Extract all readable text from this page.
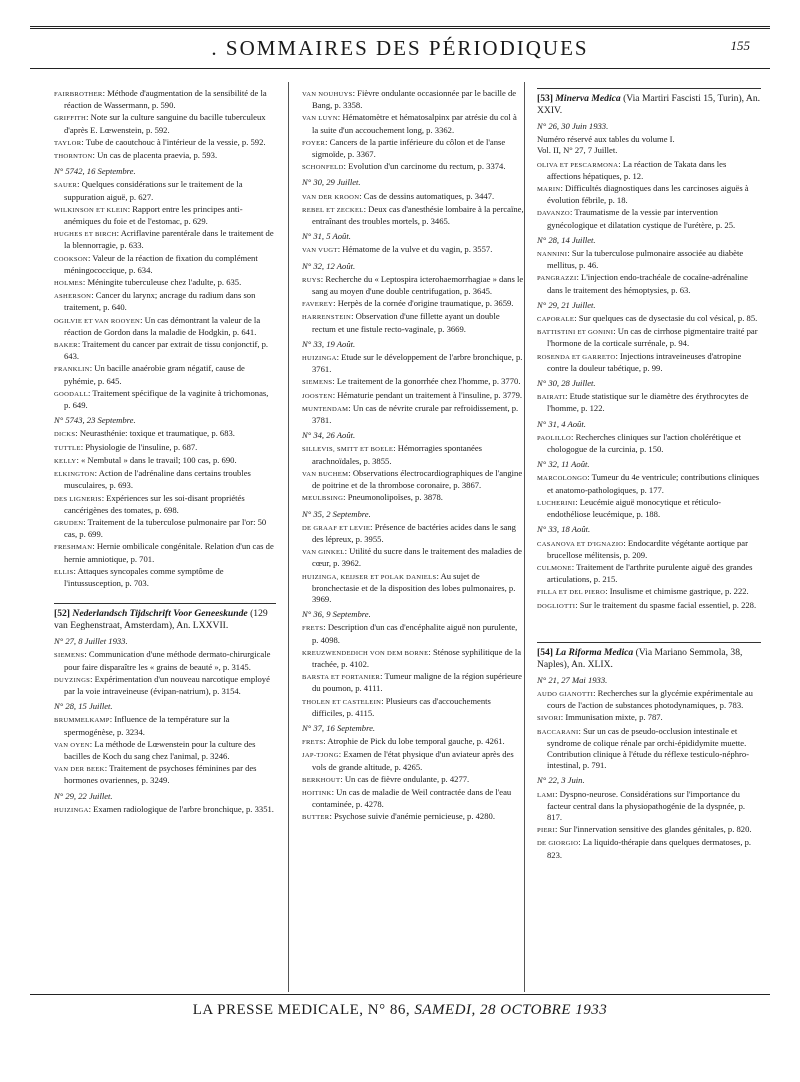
. SOMMAIRES DES PÉRIODIQUES	155

FAIRBROTHER: Méthode d'augmentation de la sensibilité de la réaction de Wassermann, p. 590.

GRIFFITH: Note sur la culture sanguine du bacille tuberculeux d'après E. Lœwenstein, p. 592.

TAYLOR: Tube de caoutchouc à l'intérieur de la vessie, p. 592.

THORNTON: Un cas de placenta praevia, p. 593.

N° 5742, 16 Septembre.

SAUER: Quelques considérations sur le traitement de la suppuration aiguë, p. 627.

WILKINSON ET KLEIN: Rapport entre les principes anti-anémiques du foie et de l'estomac, p. 629.

HUGHES ET BIRCH: Acriflavine parentérale dans le traitement de la blennorragie, p. 633.

COOKSON: Valeur de la réaction de fixation du complément méningococcique, p. 634.

HOLMES: Méningite tuberculeuse chez l'adulte, p. 635.

ASHERSON: Cancer du larynx; ancrage du radium dans son traitement, p. 640.

OGILVIE ET VAN ROOYEN: Un cas démontrant la valeur de la réaction de Gordon dans la maladie de Hodgkin, p. 641.

BAKER: Traitement du cancer par extrait de tissu conjonctif, p. 643.

FRANKLIN: Un bacille anaérobie gram négatif, cause de pyhémie, p. 645.

GOODALL: Traitement spécifique de la vaginite à trichomonas, p. 649.

N° 5743, 23 Septembre.

DICKS: Neurasthénie: toxique et traumatique, p. 683.

TUTTLE: Physiologie de l'insuline, p. 687.

KELLY: « Nembutal » dans le travail; 100 cas, p. 690.

ELKINGTON: Action de l'adrénaline dans certains troubles musculaires, p. 693.

DES LIGNERIS: Expériences sur les soi-disant propriétés cancérigènes des tomates, p. 698.

GRUDEN: Traitement de la tuberculose pulmonaire par l'or: 50 cas, p. 699.

FRESHMAN: Hernie ombilicale congénitale. Relation d'un cas de hernie amniotique, p. 701.

ELLIS: Attaques syncopales comme symptôme de l'intussusception, p. 703.

[52] Nederlandsch Tijdschrift Voor Geneeskunde (129 van Eeghenstraat, Amsterdam), An. LXXVII.
N° 27, 8 Juillet 1933.

SIEMENS: Communication d'une méthode dermato-chirurgicale pour faire disparaître les « grains de beauté », p. 3145.

DUYZINGS: Expérimentation d'un nouveau narcotique employé par la voie intraveineuse (évipan-natrium), p. 3154.

N° 28, 15 Juillet.

BRUMMELKAMP: Influence de la température sur la spermogénèse, p. 3234.

VAN OYEN: La méthode de Lœwenstein pour la culture des bacilles de Koch du sang chez l'animal, p. 3246.

VAN DER BEEK: Traitement de psychoses féminines par des hormones ovariennes, p. 3249.

N° 29, 22 Juillet.

HUIZINGA: Examen radiologique de l'arbre bronchique, p. 3351.

VAN NOUHUYS: Fièvre ondulante occasionnée par le bacille de Bang, p. 3358.

VAN LUYN: Hématomètre et hématosalpinx par atrésie du col à la suite d'un accouchement long, p. 3362.

FOYER: Cancers de la partie inférieure du côlon et de l'anse sigmoïde, p. 3367.

SCHONFELD: Evolution d'un carcinome du rectum, p. 3374.

N° 30, 29 Juillet.

VAN DER KROON: Cas de dessins automatiques, p. 3447.

REBEL ET ZECKEL: Deux cas d'anesthésie lombaire à la percaïne, entraînant des troubles mortels, p. 3465.

N° 31, 5 Août.

VAN VUGT: Hématome de la vulve et du vagin, p. 3557.

N° 32, 12 Août.

RUYS: Recherche du « Leptospira icterohaemorrhagiae » dans le sang au moyen d'une double centrifugation, p. 3645.

FAVEREY: Herpès de la cornée d'origine traumatique, p. 3659.

HARRENSTEIN: Observation d'une fillette ayant un double rectum et une fistule recto-vaginale, p. 3669.

N° 33, 19 Août.

HUIZINGA: Etude sur le développement de l'arbre bronchique, p. 3761.

SIEMENS: Le traitement de la gonorrhée chez l'homme, p. 3770.

JOOSTEN: Hématurie pendant un traitement à l'insuline, p. 3779.

MUNTENDAM: Un cas de névrite crurale par refroidissement, p. 3781.

N° 34, 26 Août.

SILLEVIS, SMITT ET BOELE: Hémorragies spontanées arachnoïdales, p. 3855.

VAN BUCHEM: Observations électrocardiographiques de l'angine de poitrine et de la thrombose coronaire, p. 3867.

MEULBSING: Pneumonolipoïses, p. 3878.

N° 35, 2 Septembre.

DE GRAAF ET LEVIE: Présence de bactéries acides dans le sang des lépreux, p. 3955.

VAN GINKEL: Utilité du sucre dans le traitement des maladies de cœur, p. 3962.

HUIZINGA, KEIJSER ET POLAK DANIELS: Au sujet de bronchectasie et de la disposition des lobes pulmonaires, p. 3969.

N° 36, 9 Septembre.

FRETS: Description d'un cas d'encéphalite aiguë non purulente, p. 4098.

KREUZWENDEDICH VON DEM BORNE: Sténose syphilitique de la trachée, p. 4102.

BARSTA ET FORTANIER: Tumeur maligne de la région supérieure du poumon, p. 4111.

THOLEN ET CASTELEIN: Plusieurs cas d'accouchements difficiles, p. 4115.

N° 37, 16 Septembre.

FRETS: Atrophie de Pick du lobe temporal gauche, p. 4261.

JAP-TJONG: Examen de l'état physique d'un aviateur après des vols de grande altitude, p. 4265.

BERKHOUT: Un cas de fièvre ondulante, p. 4277.

HOITINK: Un cas de maladie de Weil contractée dans de l'eau contaminée, p. 4278.

BUTTER: Psychose suivie d'anémie pernicieuse, p. 4280.

[53] Minerva Medica (Via Martiri Fascisti 15, Turin), An. XXIV.
N° 26, 30 Juin 1933.
Numéro réservé aux tables du volume I.
Vol. II, N° 27, 7 Juillet.

OLIVA ET PESCARMONA: La réaction de Takata dans les affections hépatiques, p. 12.

MARIN: Difficultés diagnostiques dans les carcinoses aiguës à évolution fébrile, p. 18.

DAVANZO: Traumatisme de la vessie par intervention gynécologique et dilatation cystique de l'urétère, p. 25.

N° 28, 14 Juillet.

NANNINI: Sur la tuberculose pulmonaire associée au diabète mellitus, p. 46.

PANGRAZZI: L'injection endo-trachéale de cocaïne-adrénaline dans le traitement des hémoptysies, p. 63.

N° 29, 21 Juillet.

CAPORALE: Sur quelques cas de dysectasie du col vésical, p. 85.

BATTISTINI ET GONINI: Un cas de cirrhose pigmentaire traité par l'hormone de la corticale surrénale, p. 94.

ROSENDA ET GARRETO: Injections intraveineuses d'atropine contre la douleur tabétique, p. 99.

N° 30, 28 Juillet.

BAIRATI: Etude statistique sur le diamètre des érythrocytes de l'homme, p. 122.

N° 31, 4 Août.

PAOLILLO: Recherches cliniques sur l'action cholérétique et chologogue de la curcinia, p. 150.

N° 32, 11 Août.

MARCOLONGO: Tumeur du 4e ventricule; contributions cliniques et anatomo-pathologiques, p. 177.

LUCHERINI: Leucémie aiguë monocytique et réticulo-endothéliose leucémique, p. 188.

N° 33, 18 Août.

CASANOVA ET D'IGNAZIO: Endocardite végétante aortique par brucellose mélitensis, p. 209.

CULMONE: Traitement de l'arthrite purulente aiguë des grandes articulations, p. 215.

FILLA ET DEL PIERO: Insulisme et chimisme gastrique, p. 222.

DOGLIOTTI: Sur le traitement du spasme facial essentiel, p. 228.

[54] La Riforma Medica (Via Mariano Semmola, 38, Naples), An. XLIX.
N° 21, 27 Mai 1933.

AUDO GIANOTTI: Recherches sur la glycémie expérimentale au cours de l'action de substances photodynamiques, p. 783.

SIVORI: Immunisation mixte, p. 787.

BACCARANI: Sur un cas de pseudo-occlusion intestinale et syndrome de colique rénale par orchi-épididymite muette. Contribution clinique à l'étude du réflexe testiculo-néphro-intestinal, p. 791.

N° 22, 3 Juin.

LAMI: Dyspno-neurose. Considérations sur l'importance du facteur central dans la physiopathogénie de la dyspnée, p. 817.

PIERI: Sur l'innervation sensitive des glandes génitales, p. 820.

DE GIORGIO: La liquido-thérapie dans quelques dermatoses, p. 823.

LA PRESSE MEDICALE, N° 86, SAMEDI, 28 OCTOBRE 1933
